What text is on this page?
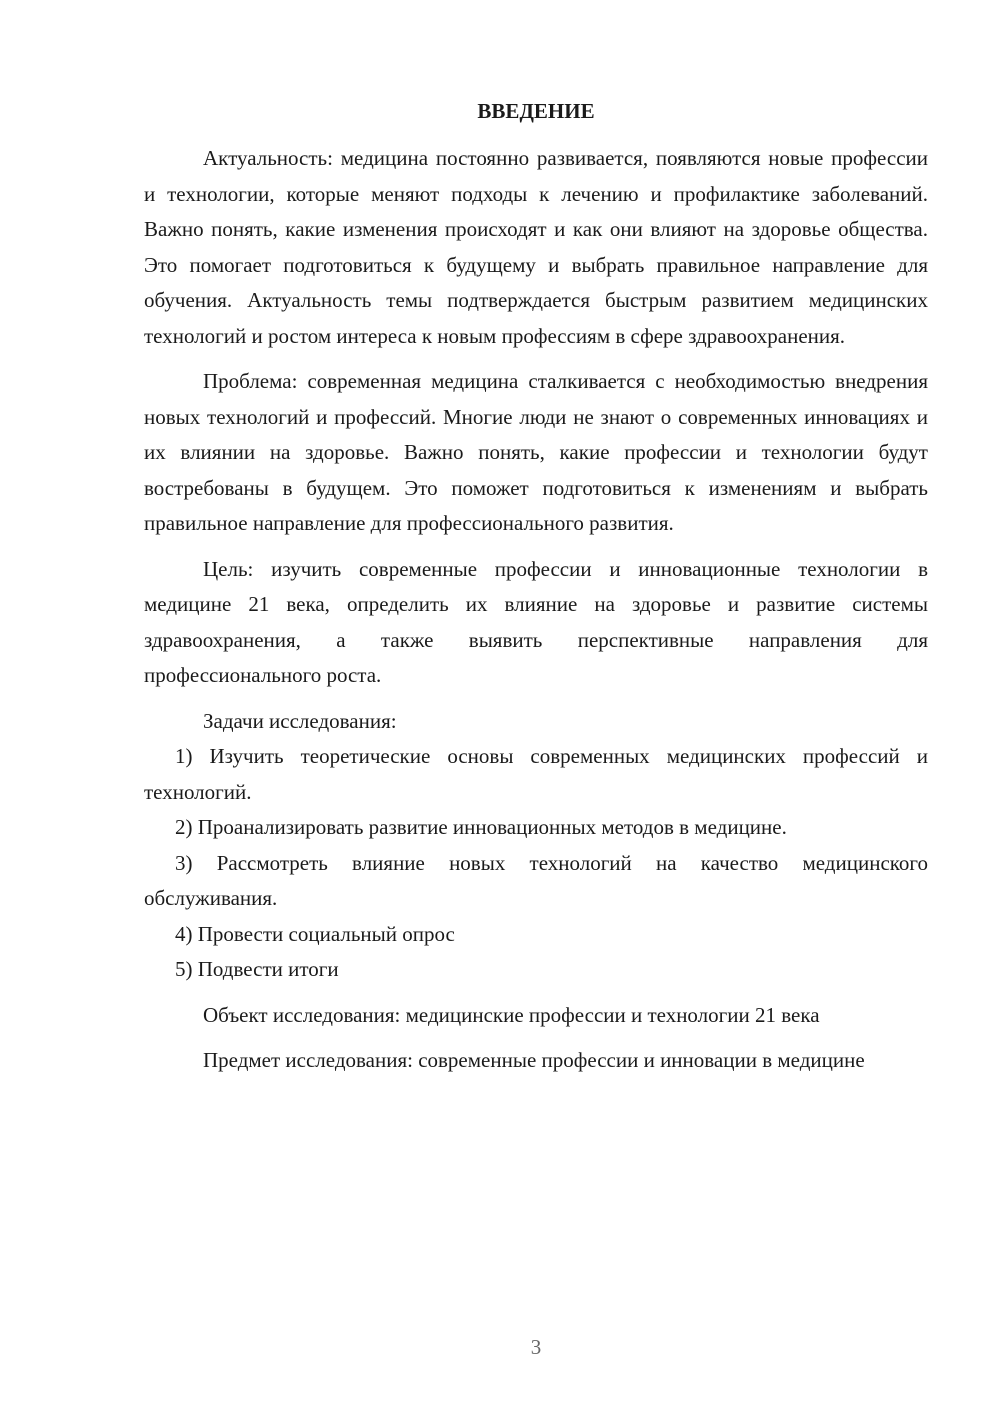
ВВЕДЕНИЕ

Актуальность: медицина постоянно развивается, появляются новые профессии и технологии, которые меняют подходы к лечению и профилактике заболеваний. Важно понять, какие изменения происходят и как они влияют на здоровье общества. Это помогает подготовиться к будущему и выбрать правильное направление для обучения. Актуальность темы подтверждается быстрым развитием медицинских технологий и ростом интереса к новым профессиям в сфере здравоохранения.

Проблема: современная медицина сталкивается с необходимостью внедрения новых технологий и профессий. Многие люди не знают о современных инновациях и их влиянии на здоровье. Важно понять, какие профессии и технологии будут востребованы в будущем. Это поможет подготовиться к изменениям и выбрать правильное направление для профессионального развития.

Цель: изучить современные профессии и инновационные технологии в медицине 21 века, определить их влияние на здоровье и развитие системы здравоохранения, а также выявить перспективные направления для профессионального роста.

Задачи исследования:

1) Изучить теоретические основы современных медицинских профессий и технологий.

2) Проанализировать развитие инновационных методов в медицине.

3) Рассмотреть влияние новых технологий на качество медицинского обслуживания.

4) Провести социальный опрос

5) Подвести итоги

Объект исследования: медицинские профессии и технологии 21 века

Предмет исследования: современные профессии и инновации в медицине

3
